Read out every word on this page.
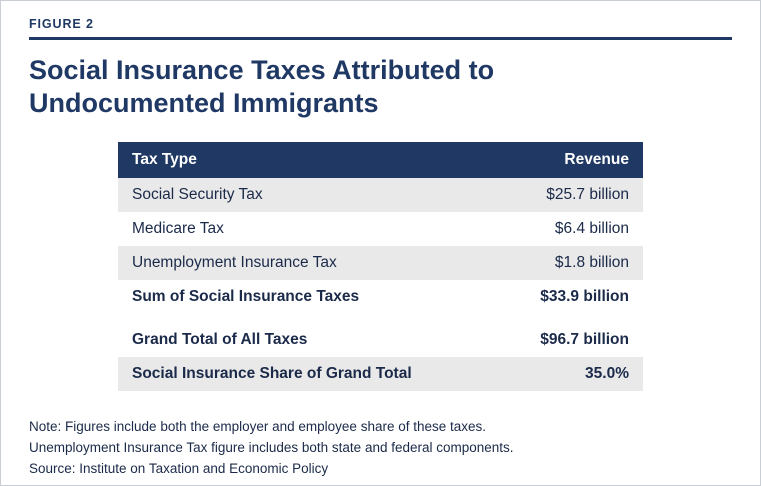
FIGURE 2
Social Insurance Taxes Attributed to
Undocumented Immigrants
Tax Type	Revenue
Social Security Tax	$25.7 billion
Medicare Tax	$6.4 billion
Unemployment Insurance Tax	$1.8 billion
Sum of Social Insurance Taxes	$33.9 billion

Grand Total of All Taxes	$96.7 billion
Social Insurance Share of Grand Total	35.0%
Note: Figures include both the employer and employee share of these taxes.
Unemployment Insurance Tax figure includes both state and federal components.
Source: Institute on Taxation and Economic Policy
